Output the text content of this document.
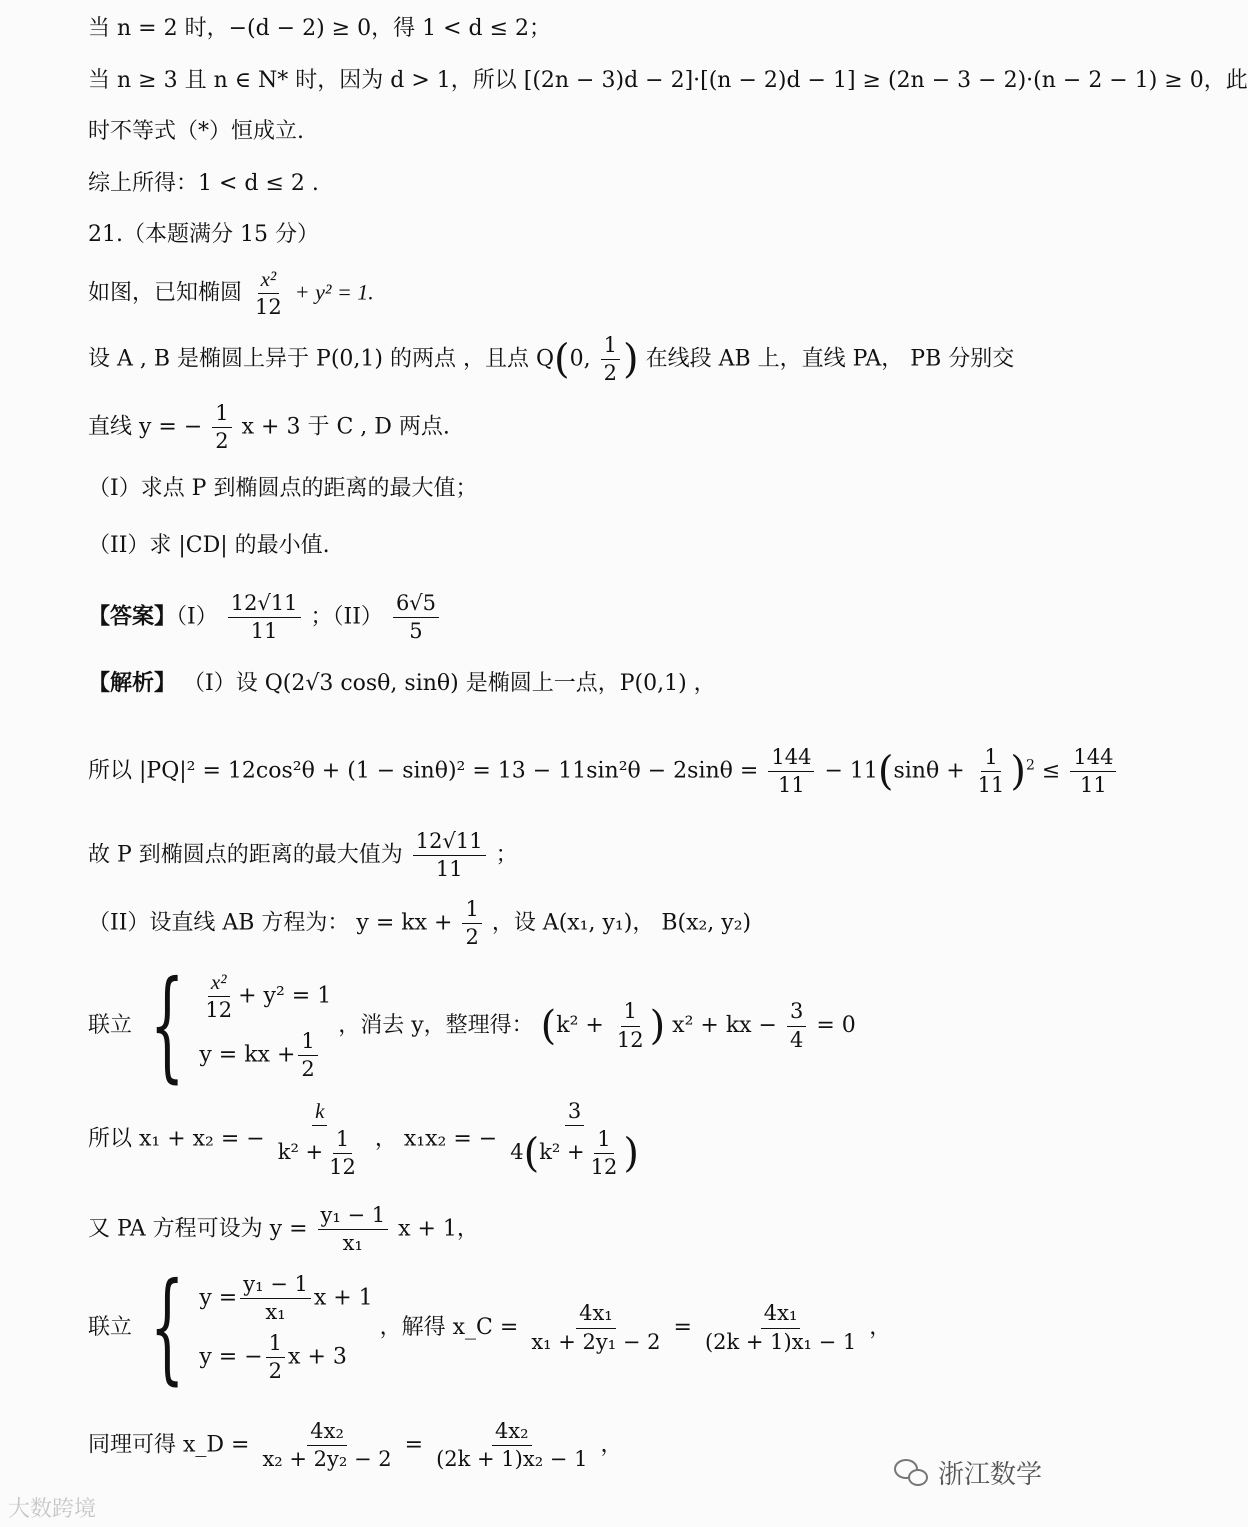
当 n = 2 时，−(d − 2) ≥ 0，得 1 < d ≤ 2；
当 n ≥ 3 且 n ∈ N* 时，因为 d > 1，所以 [(2n − 3)d − 2]·[(n − 2)d − 1] ≥ (2n − 3 − 2)·(n − 2 − 1) ≥ 0，此
时不等式（*）恒成立.
综上所得：1 < d ≤ 2 .
21.（本题满分 15 分）
如图，已知椭圆 $\frac{\text{x²}}{12} + y^2 = 1$.
设 A , B 是椭圆上异于 P(0,1) 的两点 ，且点 Q(0, $\frac{1}{2}$ ) 在线段 AB 上，直线 PA， PB 分别交
直线 y = − $\frac{1}{2}$ x + 3 于 C , D 两点.
（I）求点 P 到椭圆点的距离的最大值；
（II）求 |CD| 的最小值.
【答案】$(I) \frac{12√11}{11}$ ；$(II) \frac{6√5}{5}$
【解析】 （I）设 Q(2√3 cosθ, sinθ) 是椭圆上一点，P(0,1) ，
所以 $|PQ|^2 = 12\cos^2\theta + (1 - \sin\theta)^2 = 13 - 11\sin^2\theta - 2\sin\theta = \frac{144}{11} - 11(\sin\theta + \frac{1}{11} )^2 \le \frac{144}{11}$
故 P 到椭圆点的距离的最大值为 $\frac{12√11}{11}$ ；
（II）设直线 AB 方程为： y = kx + $\frac{1}{2}$ ，设 A(x₁, y₁)， B(x₂, y₂)
联立 { $\frac{\text{x²}}{12} + y^2 = 1$
y = kx + $\frac{1}{2}$
，消去 y，整理得： ($k^2 + \frac{1}{12}$ ) x² + kx − $\frac{3}{4} = 0$
所以 x₁ + x₂ = − $\frac{k}{k^2 + \frac{1}{12}}$ ， x₁x₂ = − $\frac{3}{4(k^2 + \frac{1}{12} )}$
又 PA 方程可设为 $y = \frac{\text{y₁ − 1}}{\text{x₁}}$ x + 1，
联立 { $y = \frac{\text{y₁ − 1}}{\text{x₁}}$ x + 1
y = − $\frac{1}{2}$ x + 3
，解得 x_C = $\frac{\text{4x₁}}{\text{x₁ + 2y₁ − 2}} = \frac{\text{4x₁}}{\text{(2k + 1)x₁ − 1}}$ ，
同理可得 x_D = $\frac{\text{4x₂}}{\text{x₂ + 2y₂ − 2}} = \frac{\text{4x₂}}{\text{(2k + 1)x₂ − 1}}$ ，
大数跨境
浙江数学
